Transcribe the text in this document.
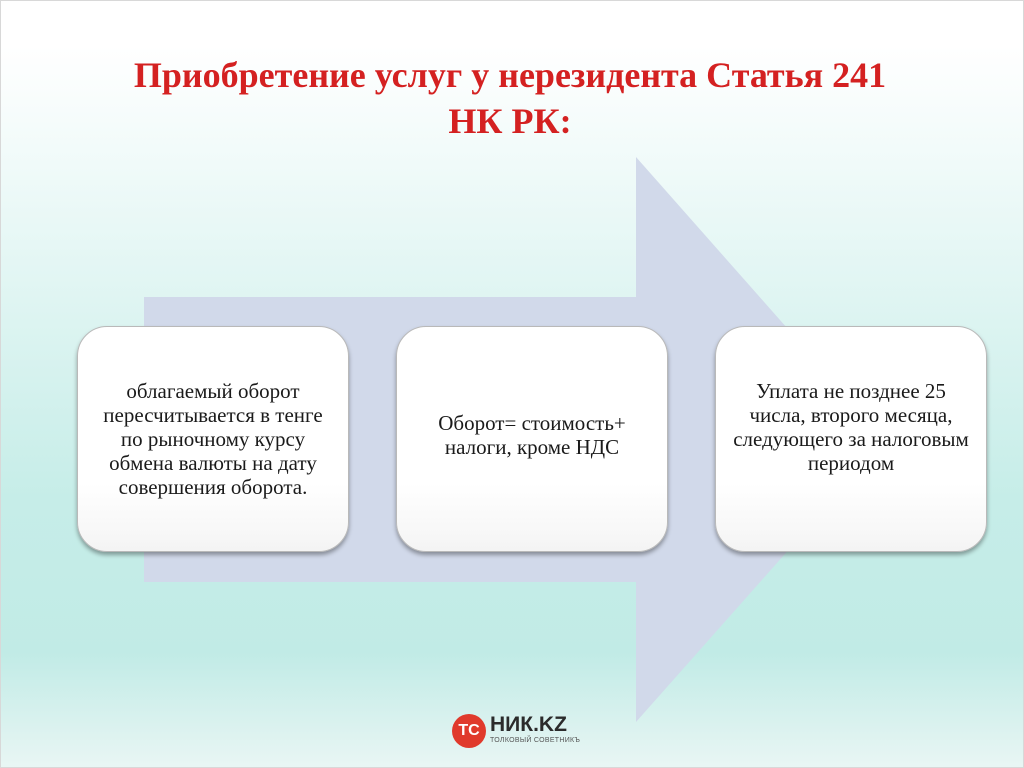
Приобретение услуг у нерезидента Статья 241
НК РК:
облагаемый оборот пересчитывается в тенге по рыночному курсу обмена валюты на дату совершения оборота.
Оборот= стоимость+ налоги, кроме НДС
Уплата не позднее 25 числа, второго месяца, следующего за налоговым периодом
TC НИК.KZ
ТОЛКОВЫЙ СОВЕТНИКЪ
